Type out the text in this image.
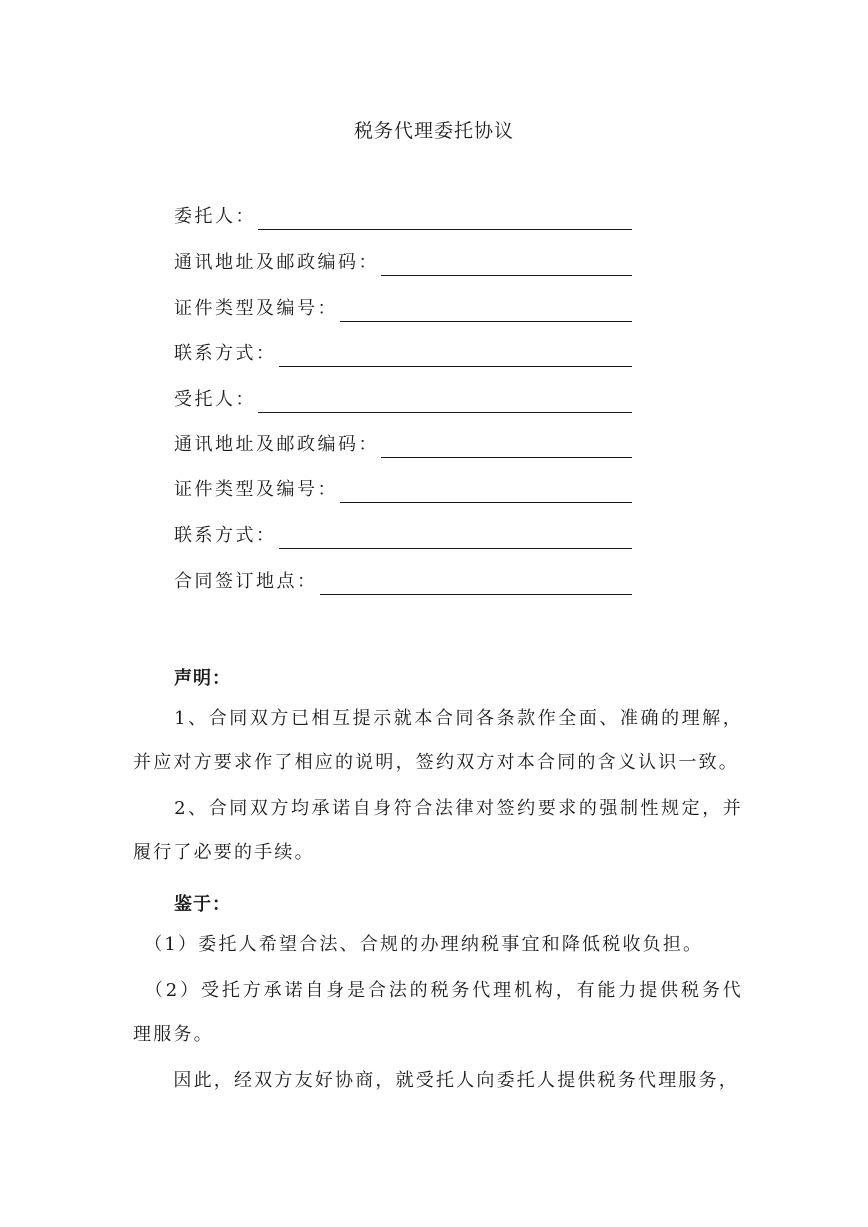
税务代理委托协议
委托人：
通讯地址及邮政编码：
证件类型及编号：
联系方式：
受托人：
通讯地址及邮政编码：
证件类型及编号：
联系方式：
合同签订地点：
声明：
　　1、合同双方已相互提示就本合同各条款作全面、准确的理解，并应对方要求作了相应的说明，签约双方对本合同的含义认识一致。
　　2、合同双方均承诺自身符合法律对签约要求的强制性规定，并履行了必要的手续。
鉴于：
　（1）委托人希望合法、合规的办理纳税事宜和降低税收负担。
　（2）受托方承诺自身是合法的税务代理机构，有能力提供税务代理服务。
　　因此，经双方友好协商，就受托人向委托人提供税务代理服务，
